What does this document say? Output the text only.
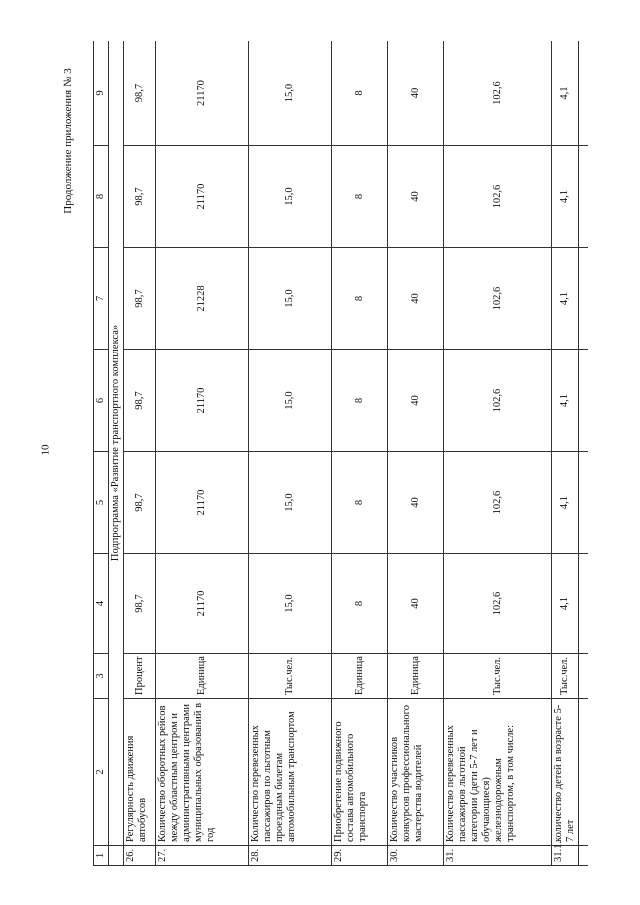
10
Продолжение приложения № 3
1	2	3	4	5	6	7	8	9
	Подпрограмма «Развитие транспортного комплекса»							
26.	Регулярность движения автобусов	Процент	98,7	98,7	98,7	98,7	98,7	98,7
27.	Количество оборотных рейсов между областным центром и административными центрами муниципальных образований в год	Единица	21170	21170	21170	21228	21170	21170
28.	Количество перевезенных пассажиров по льготным проездным билетам автомобильным транспортом	Тыс.чел.	15,0	15,0	15,0	15,0	15,0	15,0
29.	Приобретение подвижного состава автомобильного транспорта	Единица	8	8	8	8	8	8
30.	Количество участников конкурсов профессионального мастерства водителей	Единица	40	40	40	40	40	40
31.	Количество перевезенных пассажиров льготной категории (дети 5-7 лет и обучающиеся) железнодорожным транспортом, в том числе:	Тыс.чел.	102,6	102,6	102,6	102,6	102,6	102,6
31.1.	количество детей в возрасте 5-7 лет	Тыс.чел.	4,1	4,1	4,1	4,1	4,1	4,1
